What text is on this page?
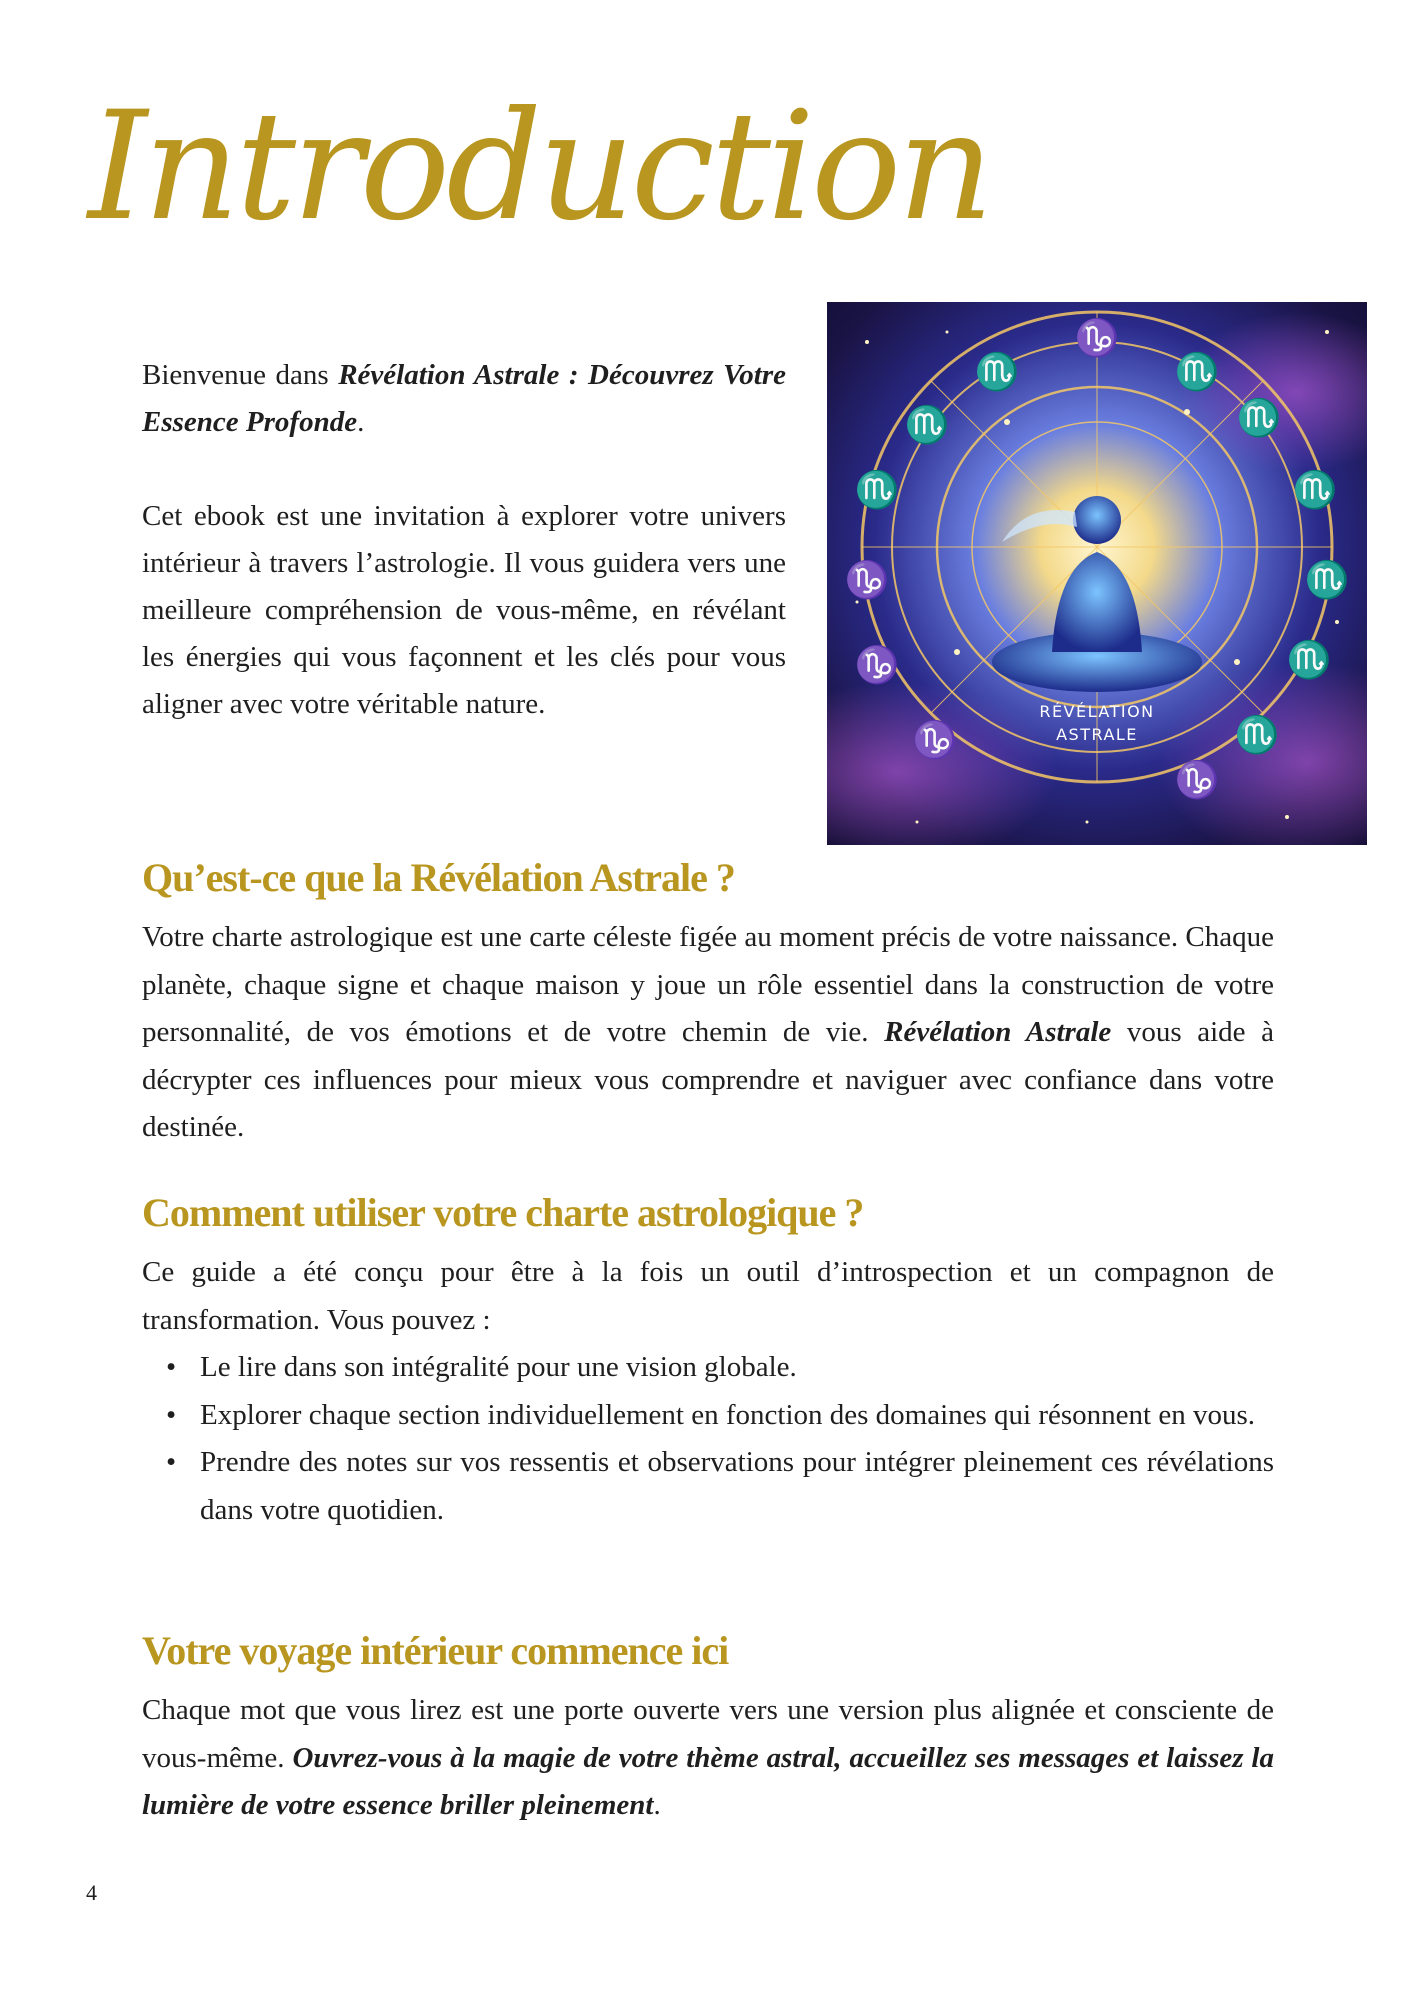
Introduction

Bienvenue dans Révélation Astrale : Découvrez Votre Essence Profonde.

Cet ebook est une invitation à explorer votre univers intérieur à travers l’astrologie. Il vous guidera vers une meilleure compréhension de vous-même, en révélant les énergies qui vous façonnent et les clés pour vous aligner avec votre véritable nature.

♑
♏
♏
♏
♏
♏
♏
♏
♏
♏
♑
♑
♑
♑
RÉVÉLATION
ASTRALE
Qu’est-ce que la Révélation Astrale ?

Votre charte astrologique est une carte céleste figée au moment précis de votre naissance. Chaque planète, chaque signe et chaque maison y joue un rôle essentiel dans la construction de votre personnalité, de vos émotions et de votre chemin de vie. Révélation Astrale vous aide à décrypter ces influences pour mieux vous comprendre et naviguer avec confiance dans votre destinée.

Comment utiliser votre charte astrologique ?

Ce guide a été conçu pour être à la fois un outil d’introspection et un compagnon de transformation. Vous pouvez :

• Le lire dans son intégralité pour une vision globale.
• Explorer chaque section individuellement en fonction des domaines qui résonnent en vous.
• Prendre des notes sur vos ressentis et observations pour intégrer pleinement ces révélations dans votre quotidien.
Votre voyage intérieur commence ici

Chaque mot que vous lirez est une porte ouverte vers une version plus alignée et consciente de vous-même. Ouvrez-vous à la magie de votre thème astral, accueillez ses messages et laissez la lumière de votre essence briller pleinement.

4
